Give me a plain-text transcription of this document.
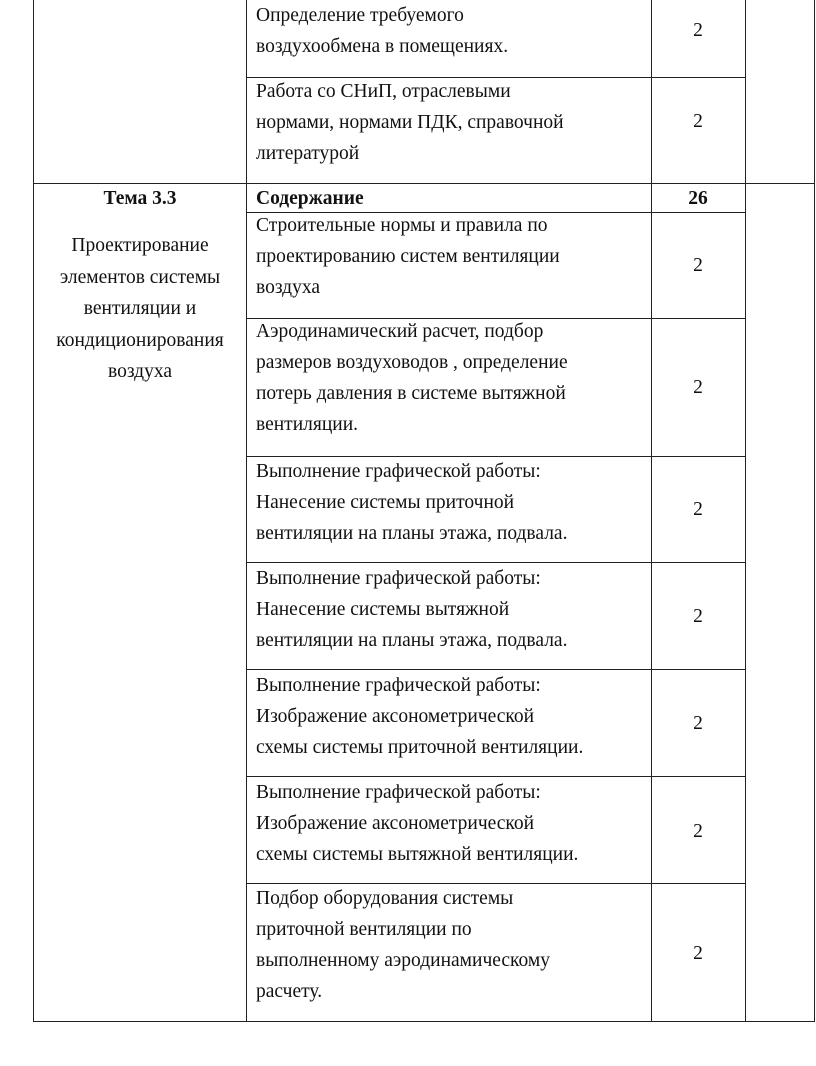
Определение требуемого
воздухообмена в помещениях.
2
Работа со СНиП, отраслевыми
нормами, нормами ПДК, справочной
литературой
2
Тема 3.3
Проектирование
элементов системы
вентиляции и
кондиционирования
воздуха
Содержание	26
Строительные нормы и правила по
проектированию систем вентиляции
воздуха
2
Аэродинамический расчет, подбор
размеров воздуховодов , определение
потерь давления в системе вытяжной
вентиляции.
2
Выполнение графической работы:
Нанесение системы приточной
вентиляции на планы этажа, подвала.
2
Выполнение графической работы:
Нанесение системы вытяжной
вентиляции на планы этажа, подвала.
2
Выполнение графической работы:
Изображение аксонометрической
схемы системы приточной вентиляции.
2
Выполнение графической работы:
Изображение аксонометрической
схемы системы вытяжной вентиляции.
2
Подбор оборудования системы
приточной вентиляции по
выполненному аэродинамическому
расчету.
2
